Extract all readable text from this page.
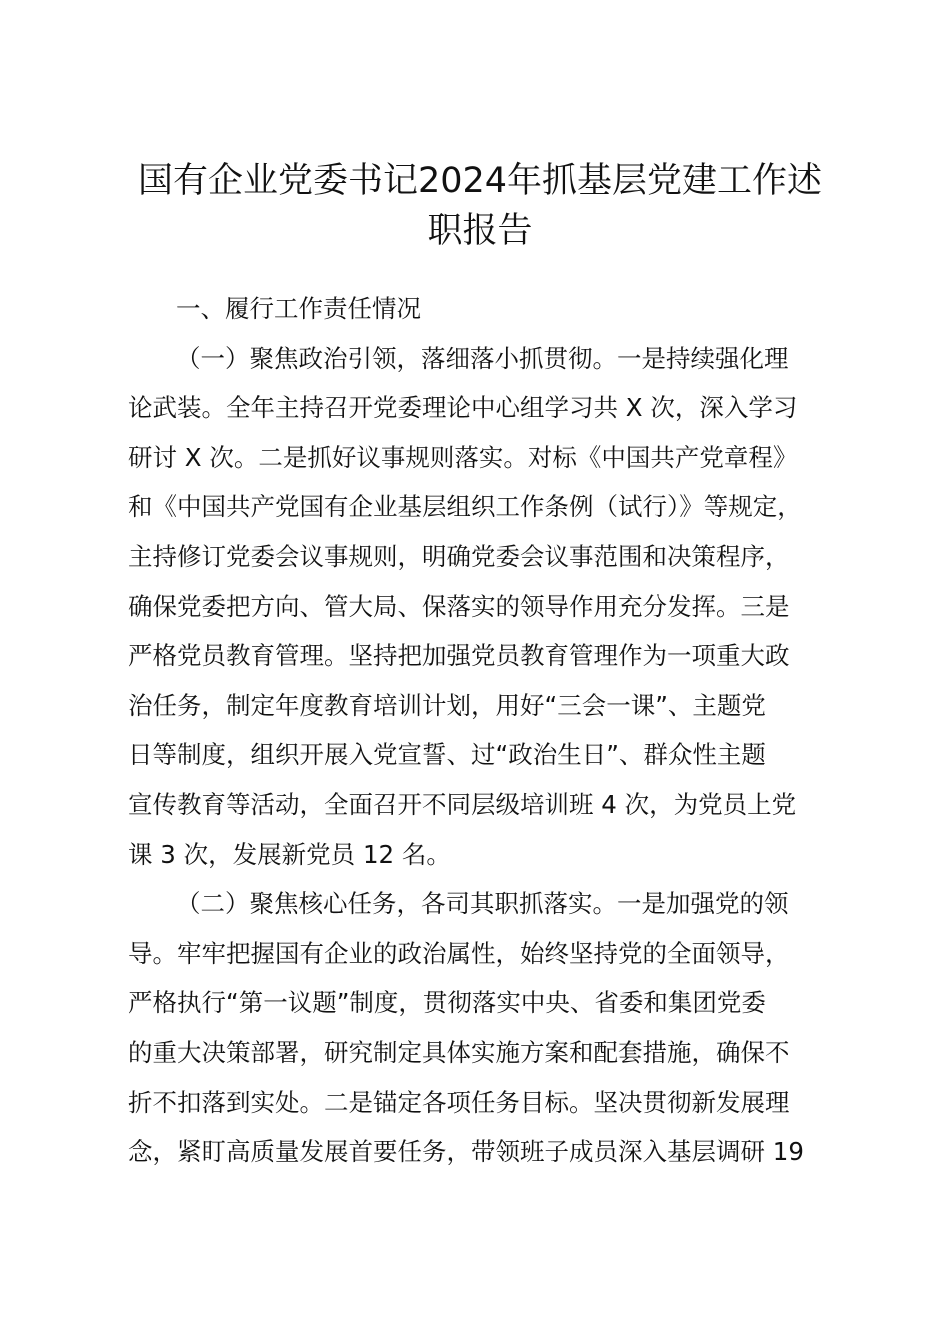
国有企业党委书记2024年抓基层党建工作述
职报告
一、履行工作责任情况
（一）聚焦政治引领，落细落小抓贯彻。一是持续强化理
论武装。全年主持召开党委理论中心组学习共 X 次，深入学习
研讨 X 次。二是抓好议事规则落实。对标《中国共产党章程》
和《中国共产党国有企业基层组织工作条例（试行）》等规定，
主持修订党委会议事规则，明确党委会议事范围和决策程序，
确保党委把方向、管大局、保落实的领导作用充分发挥。三是
严格党员教育管理。坚持把加强党员教育管理作为一项重大政
治任务，制定年度教育培训计划，用好“三会一课”、主题党
日等制度，组织开展入党宣誓、过“政治生日”、群众性主题
宣传教育等活动，全面召开不同层级培训班 4 次，为党员上党
课 3 次，发展新党员 12 名。
（二）聚焦核心任务，各司其职抓落实。一是加强党的领
导。牢牢把握国有企业的政治属性，始终坚持党的全面领导，
严格执行“第一议题”制度，贯彻落实中央、省委和集团党委
的重大决策部署，研究制定具体实施方案和配套措施，确保不
折不扣落到实处。二是锚定各项任务目标。坚决贯彻新发展理
念，紧盯高质量发展首要任务，带领班子成员深入基层调研 19
